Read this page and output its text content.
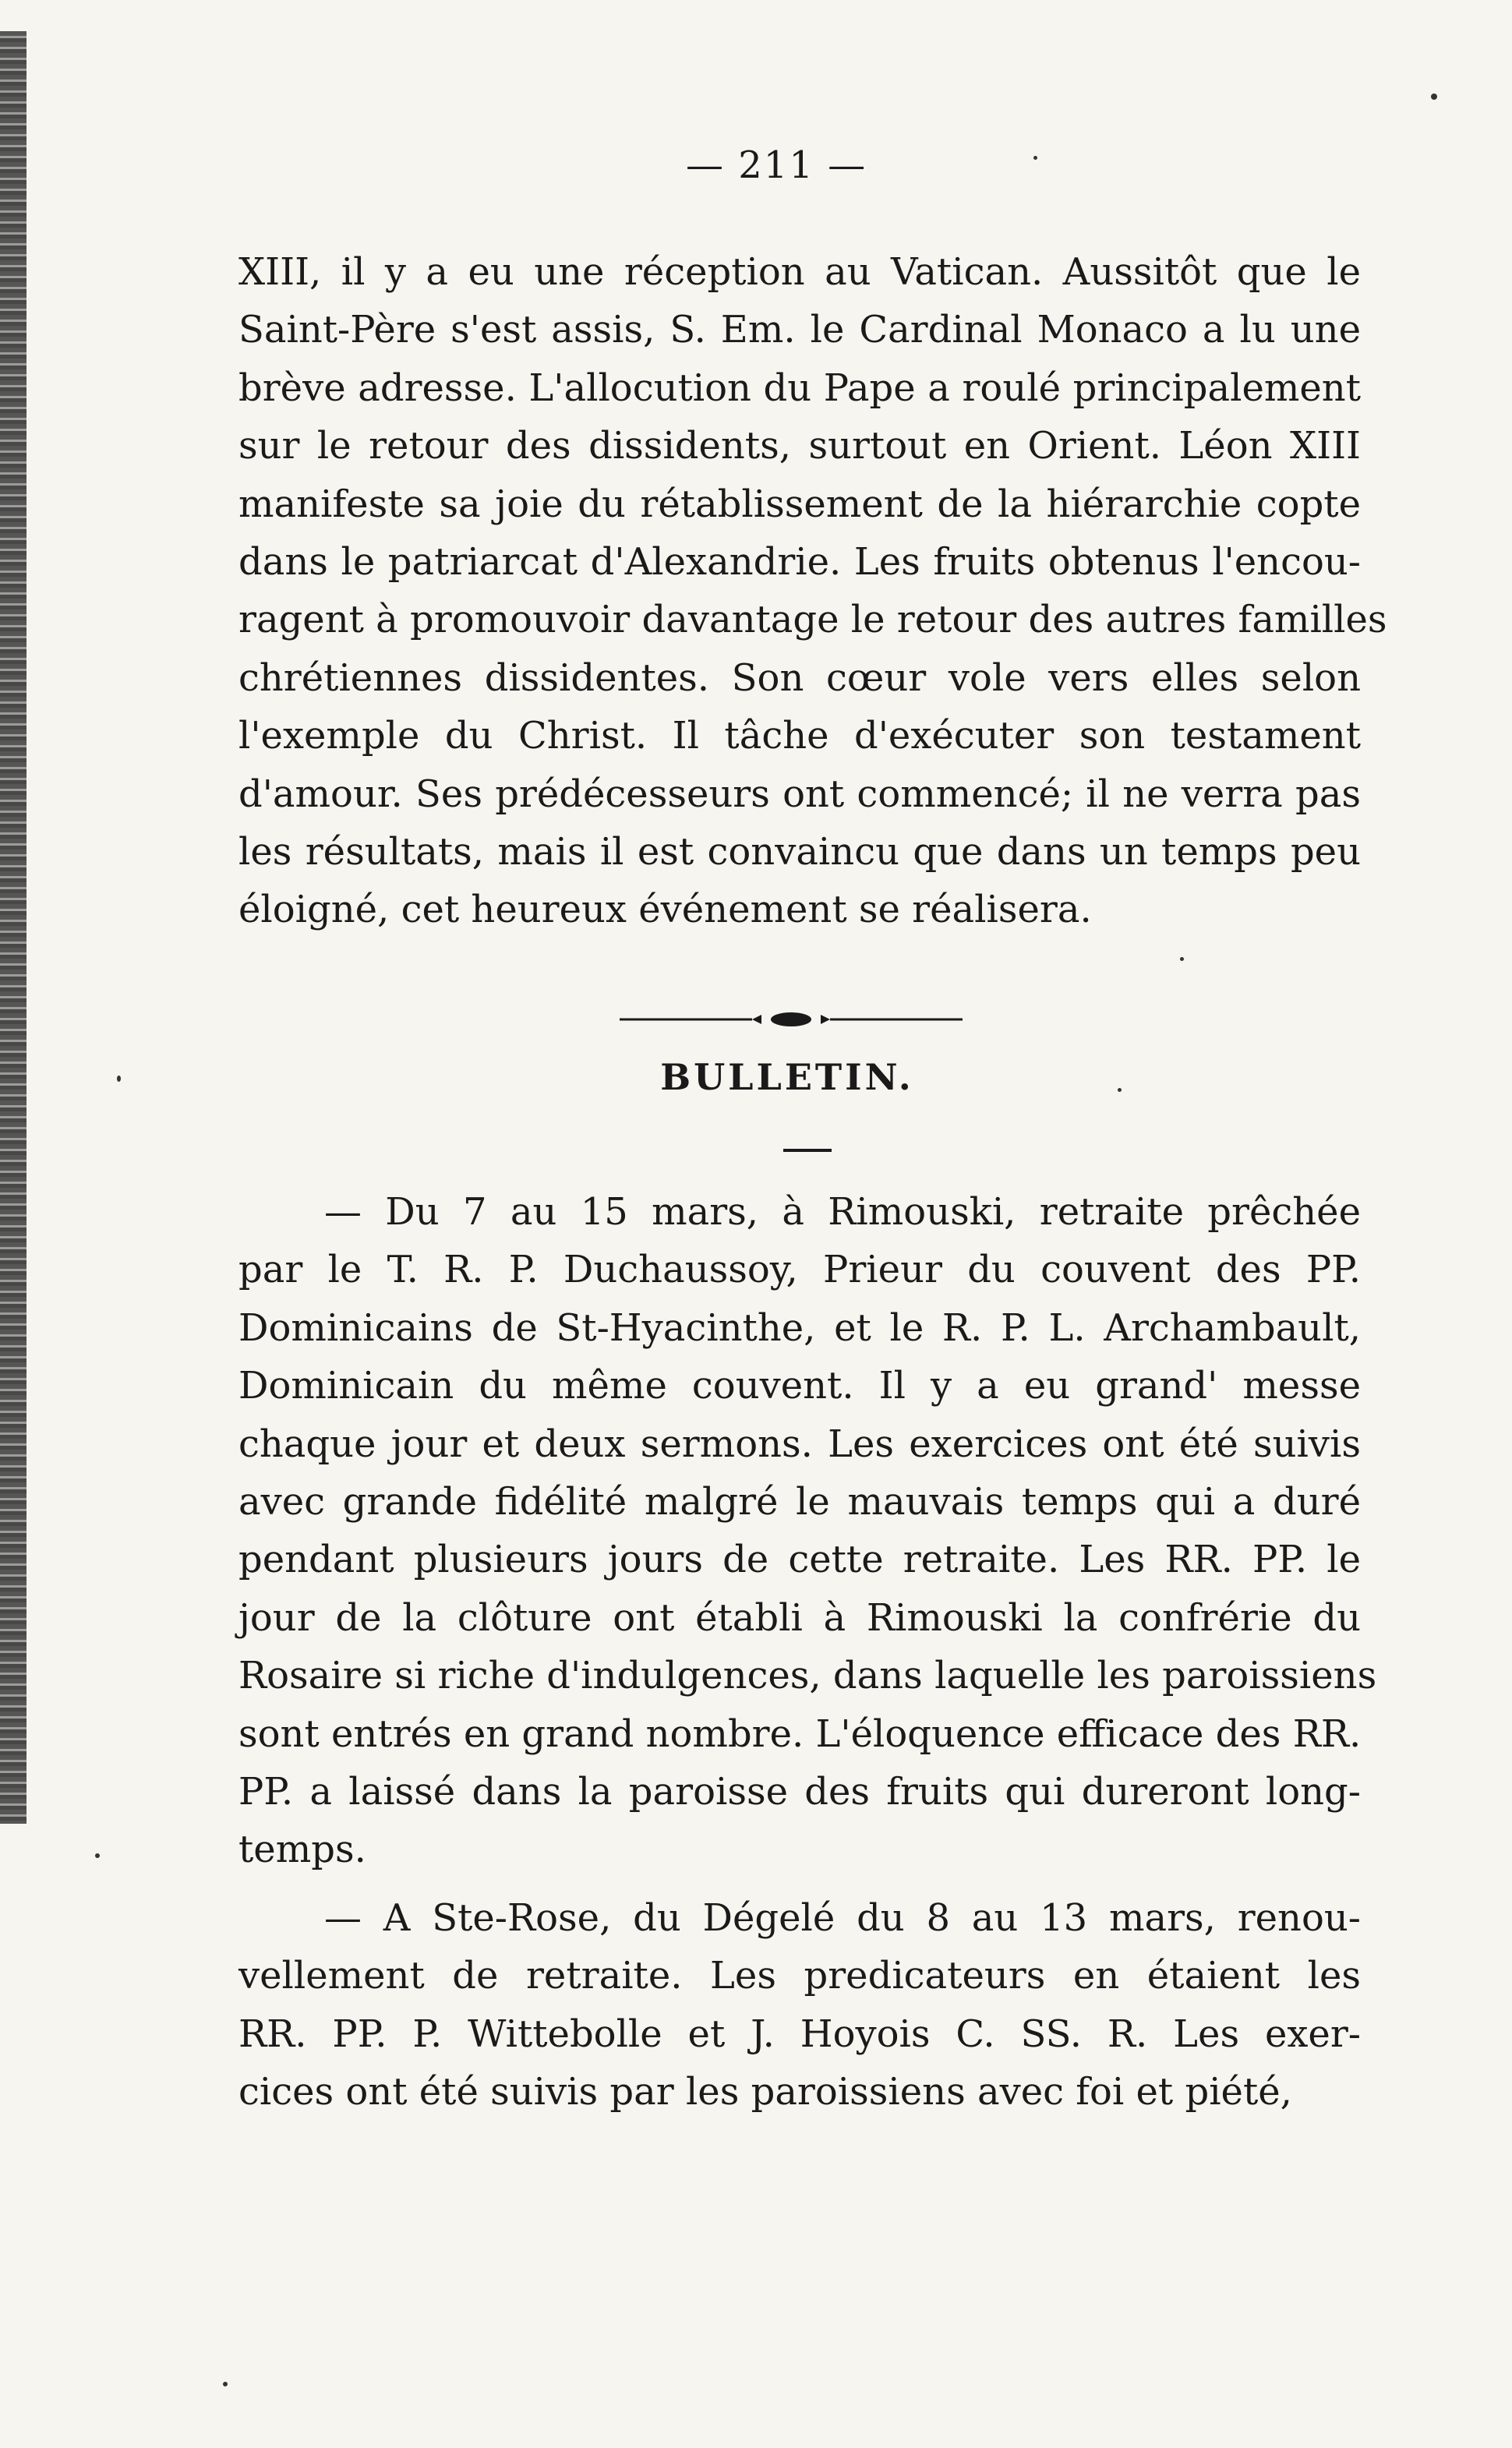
— 211 —

XIII, il y a eu une réception au Vatican. Aussitôt que le
Saint-Père s'est assis, S. Em. le Cardinal Monaco a lu une
brève adresse. L'allocution du Pape a roulé principalement
sur le retour des dissidents, surtout en Orient. Léon XIII
manifeste sa joie du rétablissement de la hiérarchie copte
dans le patriarcat d'Alexandrie. Les fruits obtenus l'encou-
ragent à promouvoir davantage le retour des autres familles
chrétiennes dissidentes. Son cœur vole vers elles selon
l'exemple du Christ. Il tâche d'exécuter son testament
d'amour. Ses prédécesseurs ont commencé; il ne verra pas
les résultats, mais il est convaincu que dans un temps peu
éloigné, cet heureux événement se réalisera.

BULLETIN.

— Du 7 au 15 mars, à Rimouski, retraite prêchée
par le T. R. P. Duchaussoy, Prieur du couvent des PP.
Dominicains de St-Hyacinthe, et le R. P. L. Archambault,
Dominicain du même couvent. Il y a eu grand' messe
chaque jour et deux sermons. Les exercices ont été suivis
avec grande fidélité malgré le mauvais temps qui a duré
pendant plusieurs jours de cette retraite. Les RR. PP. le
jour de la clôture ont établi à Rimouski la confrérie du
Rosaire si riche d'indulgences, dans laquelle les paroissiens
sont entrés en grand nombre. L'éloquence efficace des RR.
PP. a laissé dans la paroisse des fruits qui dureront long-
temps.

— A Ste-Rose, du Dégelé du 8 au 13 mars, renou-
vellement de retraite. Les predicateurs en étaient les
RR. PP. P. Wittebolle et J. Hoyois C. SS. R. Les exer-
cices ont été suivis par les paroissiens avec foi et piété,
